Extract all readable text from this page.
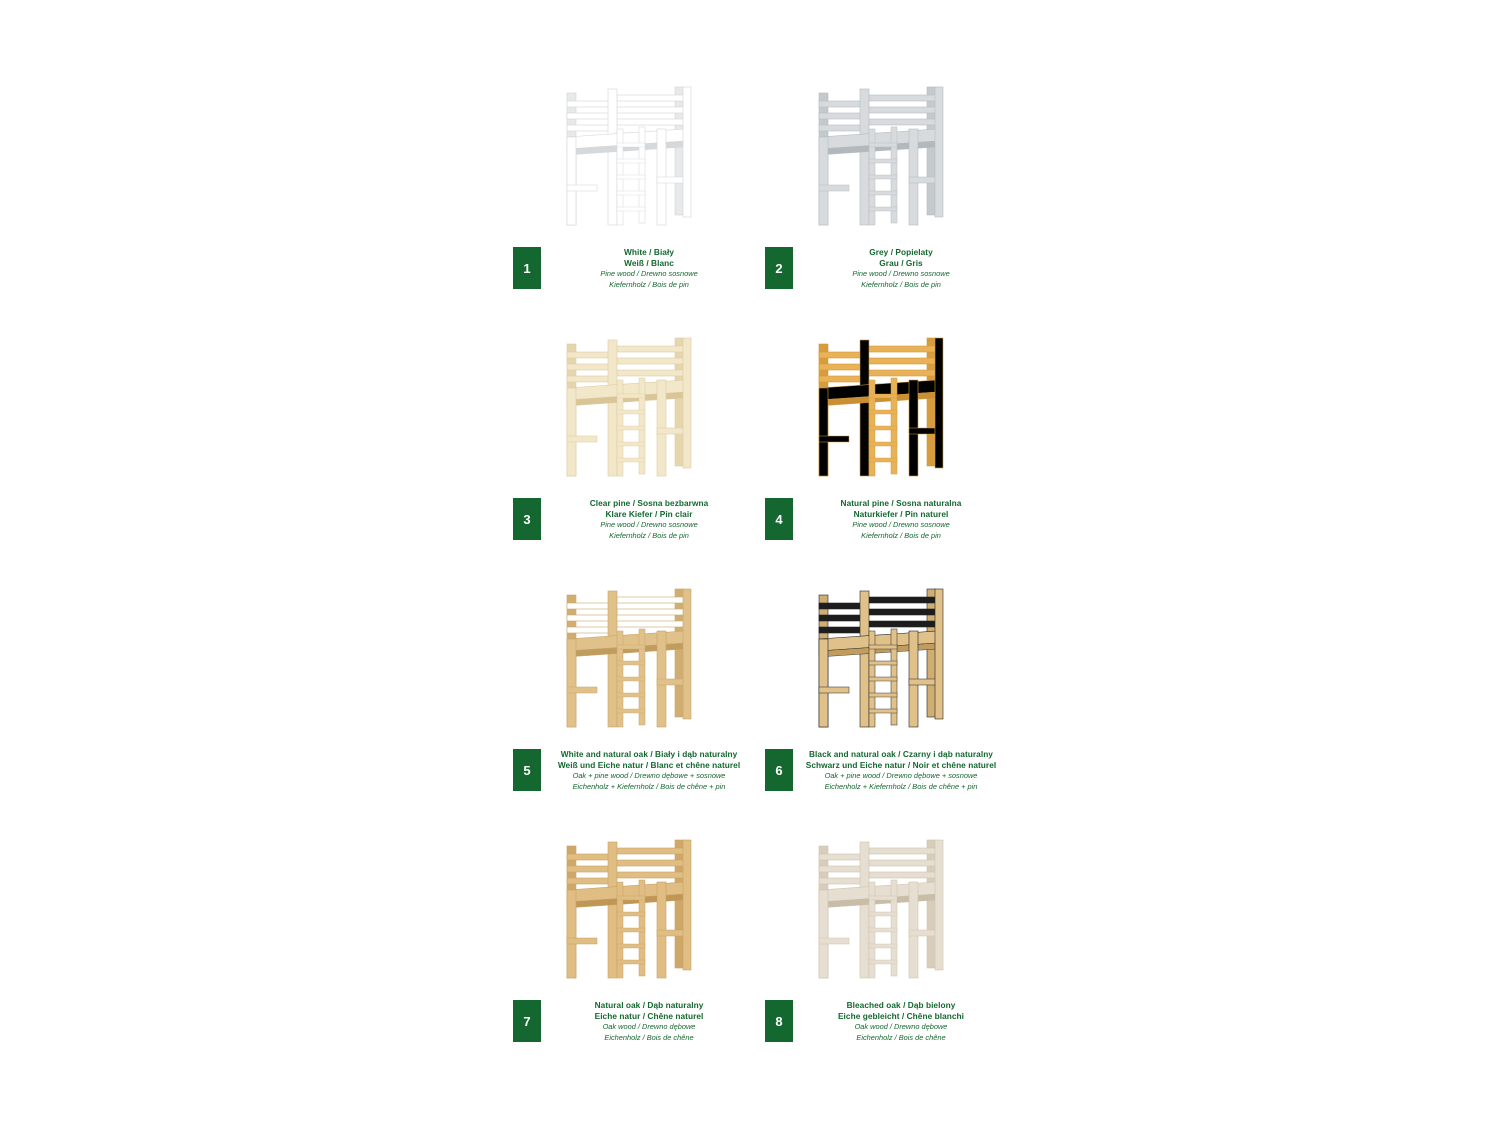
1
White / Biały
Weiß / Blanc
Pine wood / Drewno sosnowe
Kiefernholz / Bois de pin
2
Grey / Popielaty
Grau / Gris
Pine wood / Drewno sosnowe
Kiefernholz / Bois de pin
3
Clear pine / Sosna bezbarwna
Klare Kiefer / Pin clair
Pine wood / Drewno sosnowe
Kiefernholz / Bois de pin
4
Natural pine / Sosna naturalna
Naturkiefer / Pin naturel
Pine wood / Drewno sosnowe
Kiefernholz / Bois de pin
5
White and natural oak / Biały i dąb naturalny
Weiß und Eiche natur / Blanc et chêne naturel
Oak + pine wood / Drewno dębowe + sosnowe
Eichenholz + Kiefernholz / Bois de chêne + pin
6
Black and natural oak / Czarny i dąb naturalny
Schwarz und Eiche natur / Noir et chêne naturel
Oak + pine wood / Drewno dębowe + sosnowe
Eichenholz + Kiefernholz / Bois de chêne + pin
7
Natural oak / Dąb naturalny
Eiche natur / Chêne naturel
Oak wood / Drewno dębowe
Eichenholz / Bois de chêne
8
Bleached oak / Dąb bielony
Eiche gebleicht / Chêne blanchi
Oak wood / Drewno dębowe
Eichenholz / Bois de chêne
